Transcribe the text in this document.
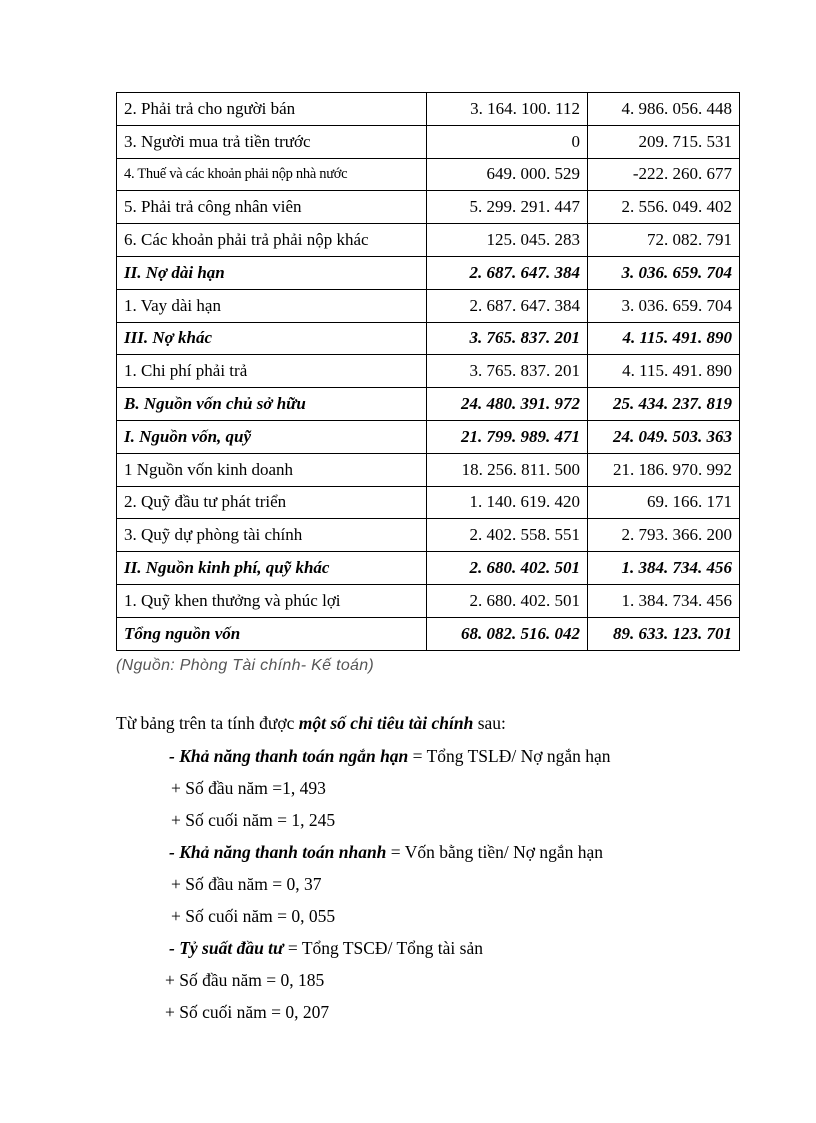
2. Phải trả cho người bán	3. 164. 100. 112	4. 986. 056. 448
3. Người mua trả tiền trước	0	209. 715. 531
4. Thuế và các khoản phải nộp nhà nước	649. 000. 529	-222. 260. 677
5. Phải trả công nhân viên	5. 299. 291. 447	2. 556. 049. 402
6. Các khoản phải trả phải nộp khác	125. 045. 283	72. 082. 791
II. Nợ dài hạn	2. 687. 647. 384	3. 036. 659. 704
1. Vay dài hạn	2. 687. 647. 384	3. 036. 659. 704
III. Nợ khác	3. 765. 837. 201	4. 115. 491. 890
1. Chi phí phải trả	3. 765. 837. 201	4. 115. 491. 890
B. Nguồn vốn chủ sở hữu	24. 480. 391. 972	25. 434. 237. 819
I. Nguồn vốn, quỹ	21. 799. 989. 471	24. 049. 503. 363
1 Nguồn vốn kinh doanh	18. 256. 811. 500	21. 186. 970. 992
2. Quỹ đầu tư phát triển	1. 140. 619. 420	69. 166. 171
3. Quỹ dự phòng tài chính	2. 402. 558. 551	2. 793. 366. 200
II. Nguồn kinh phí, quỹ khác	2. 680. 402. 501	1. 384. 734. 456
1. Quỹ khen thưởng và phúc lợi	2. 680. 402. 501	1. 384. 734. 456
Tổng nguồn vốn	68. 082. 516. 042	89. 633. 123. 701
(Nguồn: Phòng Tài chính- Kế toán)
Từ bảng trên ta tính được một số chỉ tiêu tài chính sau:
- Khả năng thanh toán ngắn hạn = Tổng TSLĐ/ Nợ ngắn hạn
+ Số đầu năm =1, 493
+ Số cuối năm = 1, 245
- Khả năng thanh toán nhanh = Vốn bằng tiền/ Nợ ngắn hạn
+ Số đầu năm = 0, 37
+ Số cuối năm = 0, 055
- Tỷ suất đầu tư = Tổng TSCĐ/ Tổng tài sản
+ Số đầu năm = 0, 185
+ Số cuối năm = 0, 207
